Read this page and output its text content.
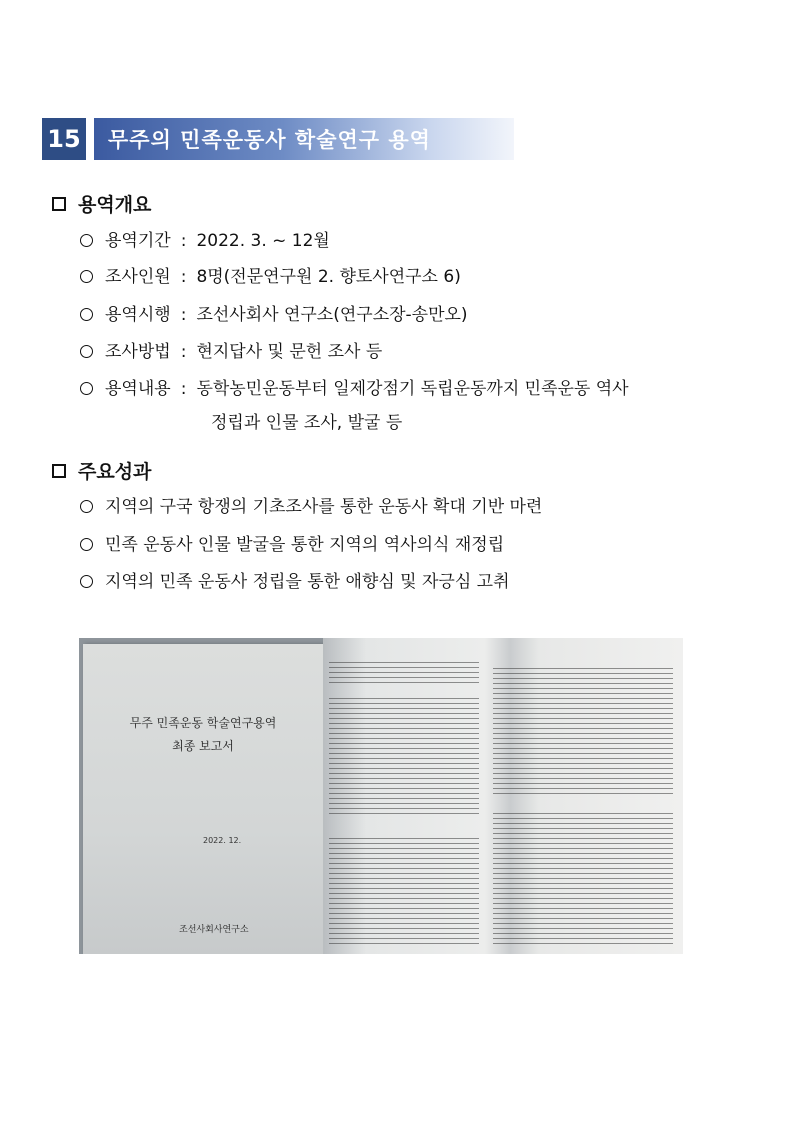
15	무주의 민족운동사 학술연구 용역
용역개요
용역기간 : 2022. 3. ~ 12월
조사인원 : 8명(전문연구원 2. 향토사연구소 6)
용역시행 : 조선사회사 연구소(연구소장-송만오)
조사방법 : 현지답사 및 문헌 조사 등
용역내용 : 동학농민운동부터 일제강점기 독립운동까지 민족운동 역사
정립과 인물 조사, 발굴 등
주요성과
지역의 구국 항쟁의 기초조사를 통한 운동사 확대 기반 마련
민족 운동사 인물 발굴을 통한 지역의 역사의식 재정립
지역의 민족 운동사 정립을 통한 애향심 및 자긍심 고취
무주 민족운동 학술연구용역
최종 보고서
2022. 12.
조선사회사연구소
